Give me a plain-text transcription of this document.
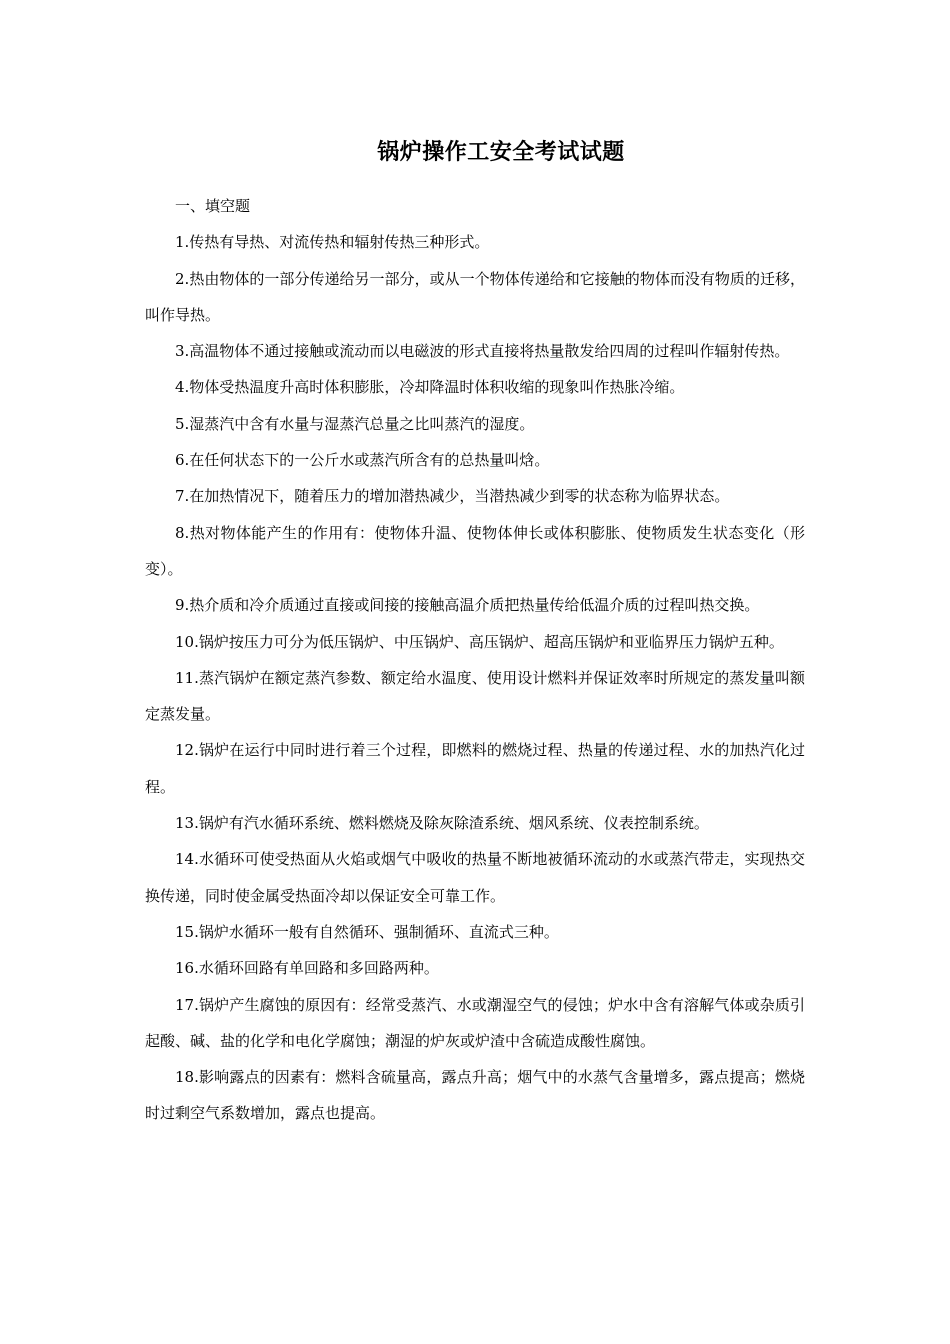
锅炉操作工安全考试试题

一、填空题

1.传热有导热、对流传热和辐射传热三种形式。

2.热由物体的一部分传递给另一部分，或从一个物体传递给和它接触的物体而没有物质的迁移，叫作导热。

3.高温物体不通过接触或流动而以电磁波的形式直接将热量散发给四周的过程叫作辐射传热。

4.物体受热温度升高时体积膨胀，冷却降温时体积收缩的现象叫作热胀冷缩。

5.湿蒸汽中含有水量与湿蒸汽总量之比叫蒸汽的湿度。

6.在任何状态下的一公斤水或蒸汽所含有的总热量叫焓。

7.在加热情况下，随着压力的增加潜热减少，当潜热减少到零的状态称为临界状态。

8.热对物体能产生的作用有：使物体升温、使物体伸长或体积膨胀、使物质发生状态变化（形变）。

9.热介质和冷介质通过直接或间接的接触高温介质把热量传给低温介质的过程叫热交换。

10.锅炉按压力可分为低压锅炉、中压锅炉、高压锅炉、超高压锅炉和亚临界压力锅炉五种。

11.蒸汽锅炉在额定蒸汽参数、额定给水温度、使用设计燃料并保证效率时所规定的蒸发量叫额定蒸发量。

12.锅炉在运行中同时进行着三个过程，即燃料的燃烧过程、热量的传递过程、水的加热汽化过程。

13.锅炉有汽水循环系统、燃料燃烧及除灰除渣系统、烟风系统、仪表控制系统。

14.水循环可使受热面从火焰或烟气中吸收的热量不断地被循环流动的水或蒸汽带走，实现热交换传递，同时使金属受热面冷却以保证安全可靠工作。

15.锅炉水循环一般有自然循环、强制循环、直流式三种。

16.水循环回路有单回路和多回路两种。

17.锅炉产生腐蚀的原因有：经常受蒸汽、水或潮湿空气的侵蚀；炉水中含有溶解气体或杂质引起酸、碱、盐的化学和电化学腐蚀；潮湿的炉灰或炉渣中含硫造成酸性腐蚀。

18.影响露点的因素有：燃料含硫量高，露点升高；烟气中的水蒸气含量增多，露点提高；燃烧时过剩空气系数增加，露点也提高。
